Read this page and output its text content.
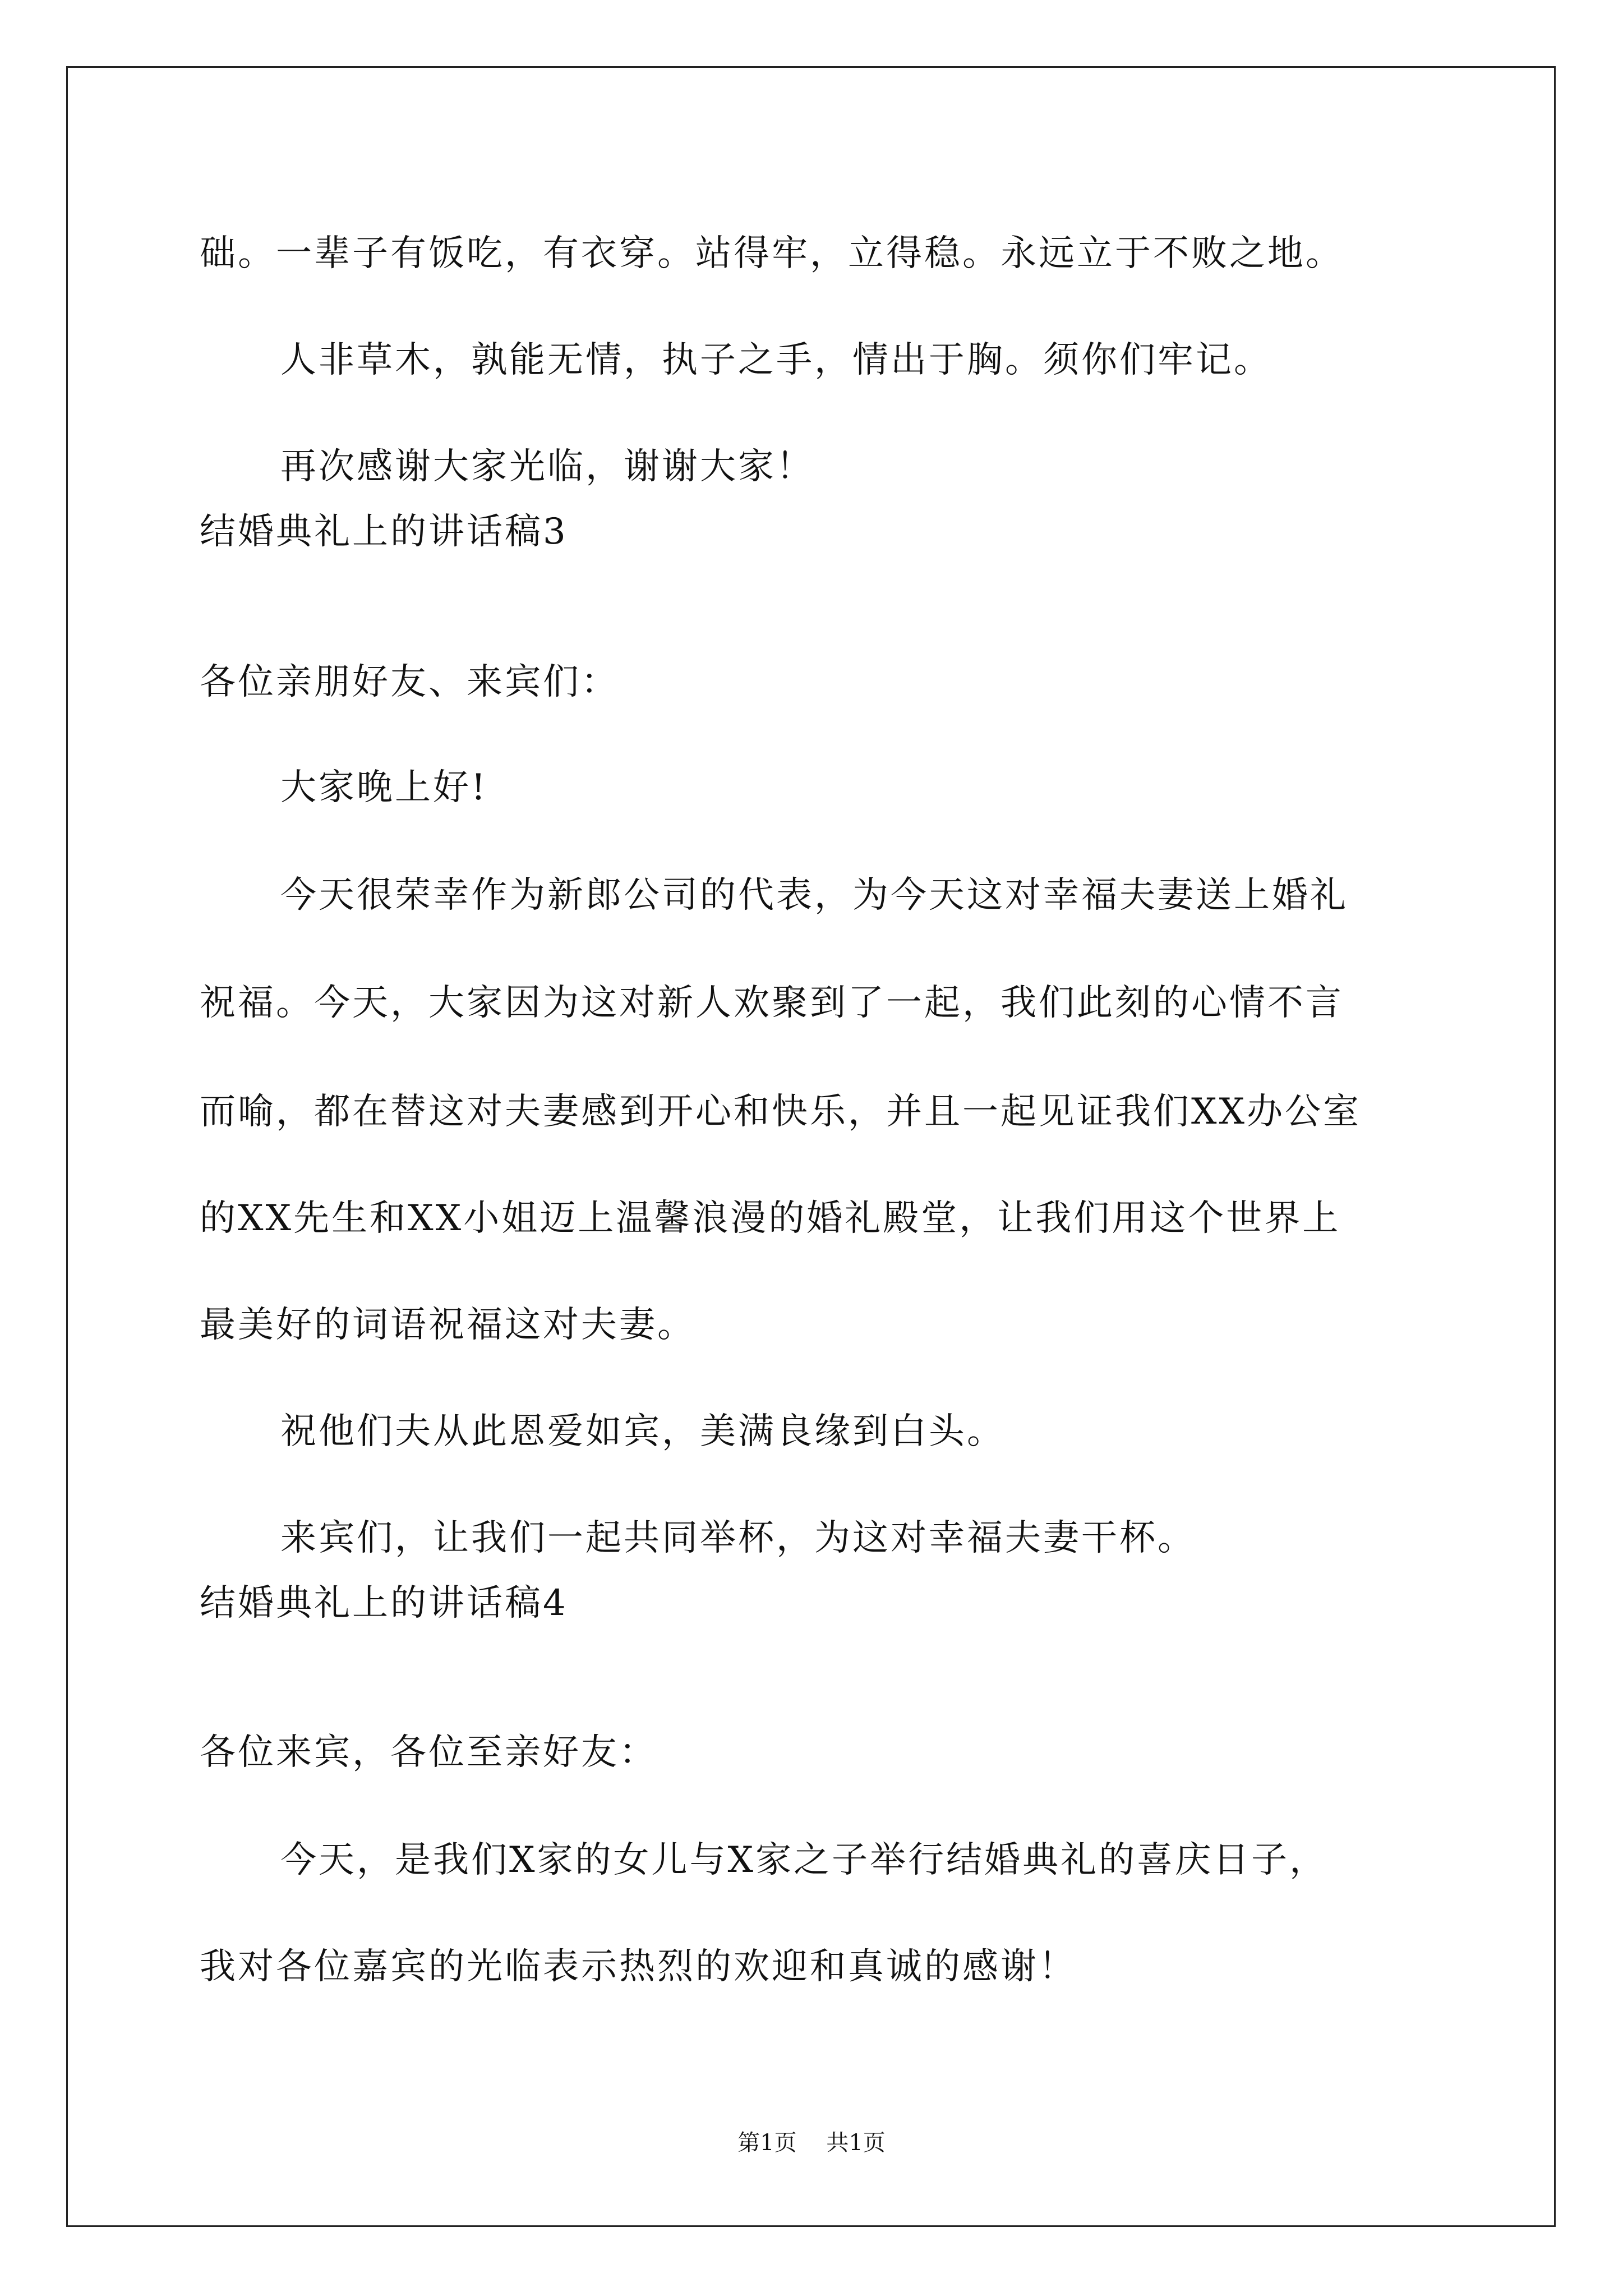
础。一辈子有饭吃，有衣穿。站得牢，立得稳。永远立于不败之地。
人非草木，孰能无情，执子之手，情出于胸。须你们牢记。
再次感谢大家光临，谢谢大家！
结婚典礼上的讲话稿3
各位亲朋好友、来宾们：
大家晚上好!
今天很荣幸作为新郎公司的代表，为今天这对幸福夫妻送上婚礼
祝福。今天，大家因为这对新人欢聚到了一起，我们此刻的心情不言
而喻，都在替这对夫妻感到开心和快乐，并且一起见证我们XX办公室
的XX先生和XX小姐迈上温馨浪漫的婚礼殿堂，让我们用这个世界上
最美好的词语祝福这对夫妻。
祝他们夫从此恩爱如宾，美满良缘到白头。
来宾们，让我们一起共同举杯，为这对幸福夫妻干杯。
结婚典礼上的讲话稿4
各位来宾，各位至亲好友：
今天，是我们X家的女儿与X家之子举行结婚典礼的喜庆日子，
我对各位嘉宾的光临表示热烈的欢迎和真诚的感谢！
第1页 共1页
